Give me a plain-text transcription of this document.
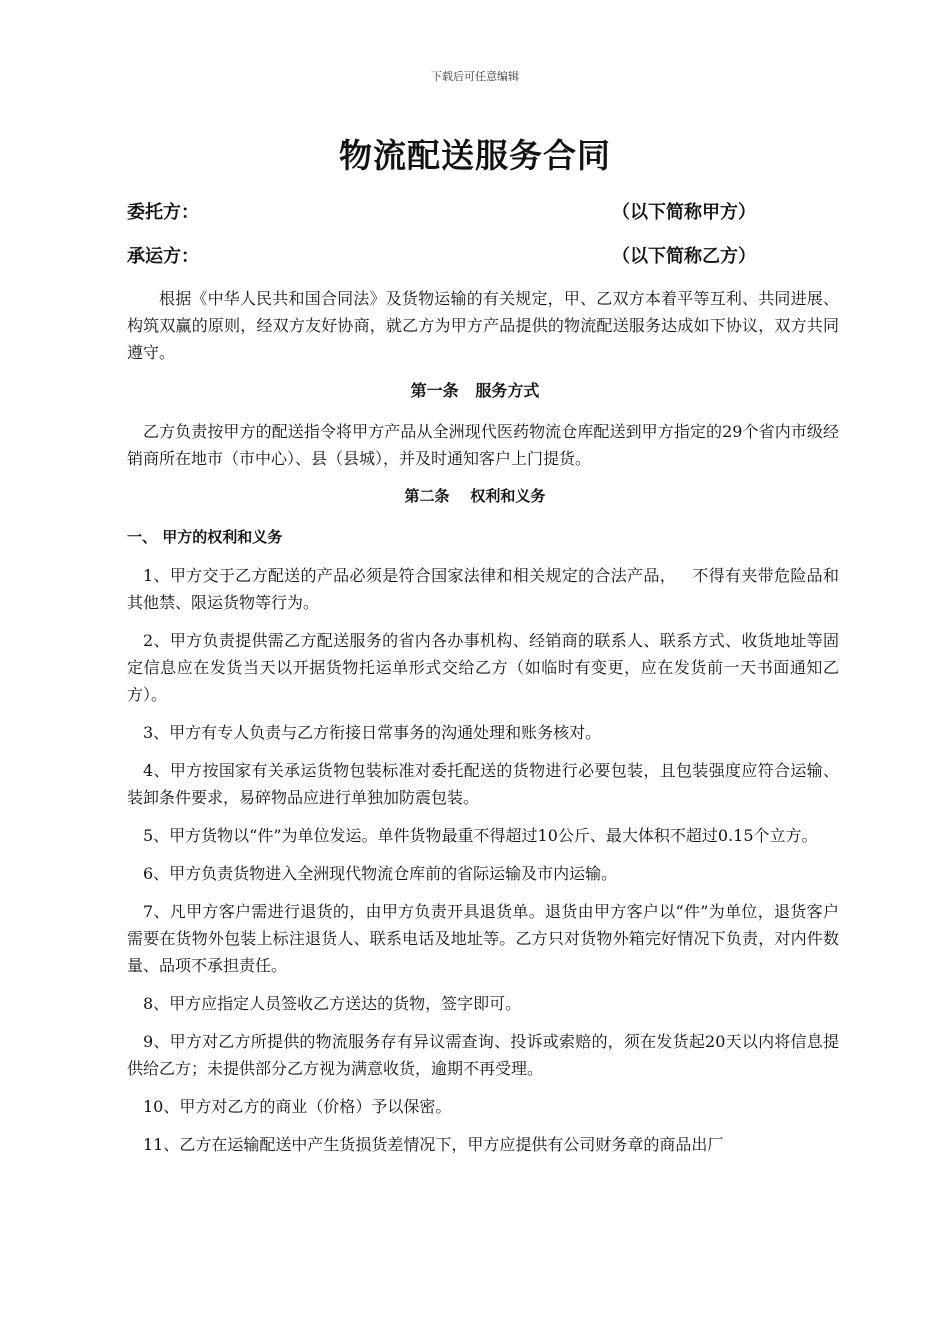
下载后可任意编辑
物流配送服务合同
委托方：	（以下简称甲方）
承运方：	（以下简称乙方）
根据《中华人民共和国合同法》及货物运输的有关规定，甲、乙双方本着平等互利、共同进展、构筑双赢的原则，经双方友好协商，就乙方为甲方产品提供的物流配送服务达成如下协议，双方共同遵守。
第一条   服务方式
乙方负责按甲方的配送指令将甲方产品从全洲现代医药物流仓库配送到甲方指定的29个省内市级经销商所在地市（市中心）、县（县城），并及时通知客户上门提货。
第二条    权利和义务
一、 甲方的权利和义务

1、甲方交于乙方配送的产品必须是符合国家法律和相关规定的合法产品，   不得有夹带危险品和其他禁、限运货物等行为。

2、甲方负责提供需乙方配送服务的省内各办事机构、经销商的联系人、联系方式、收货地址等固定信息应在发货当天以开据货物托运单形式交给乙方（如临时有变更，应在发货前一天书面通知乙方）。

3、甲方有专人负责与乙方衔接日常事务的沟通处理和账务核对。

4、甲方按国家有关承运货物包装标准对委托配送的货物进行必要包装，且包装强度应符合运输、装卸条件要求，易碎物品应进行单独加防震包装。

5、甲方货物以“件”为单位发运。单件货物最重不得超过10公斤、最大体积不超过0.15个立方。

6、甲方负责货物进入全洲现代物流仓库前的省际运输及市内运输。

7、凡甲方客户需进行退货的，由甲方负责开具退货单。退货由甲方客户以“件”为单位，退货客户需要在货物外包装上标注退货人、联系电话及地址等。乙方只对货物外箱完好情况下负责，对内件数量、品项不承担责任。

8、甲方应指定人员签收乙方送达的货物，签字即可。

9、甲方对乙方所提供的物流服务存有异议需查询、投诉或索赔的，须在发货起20天以内将信息提供给乙方；未提供部分乙方视为满意收货，逾期不再受理。

10、甲方对乙方的商业（价格）予以保密。

11、乙方在运输配送中产生货损货差情况下，甲方应提供有公司财务章的商品出厂
